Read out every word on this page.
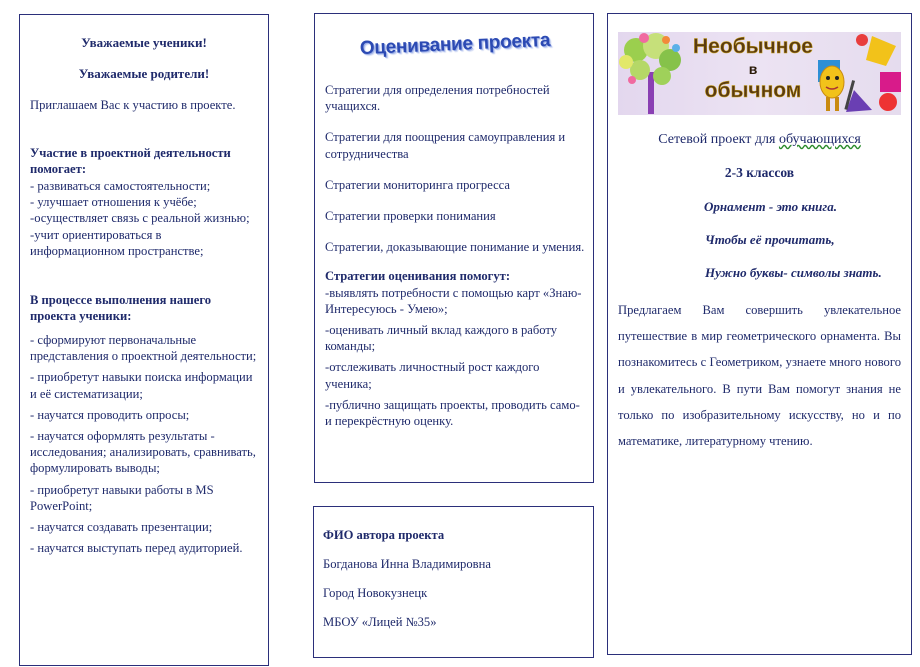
Уважаемые ученики!
Уважаемые родители!
Приглашаем Вас к участию в проекте.
Участие в проектной деятельности помогает:

- развиваться самостоятельности;

- улучшает отношения к учёбе;

-осуществляет связь с реальной жизнью;

-учит ориентироваться в информационном пространстве;

В процессе выполнения нашего проекта ученики:

- сформируют первоначальные представления о проектной деятельности;

- приобретут навыки поиска информации и её систематизации;

- научатся проводить опросы;

- научатся оформлять результаты - исследования; анализировать, сравнивать, формулировать выводы;

- приобретут навыки работы в MS PowerPoint;

- научатся создавать презентации;

- научатся выступать перед аудиторией.

Оценивание проекта

Стратегии для определения потребностей учащихся.

Стратегии для поощрения самоуправления и сотрудничества

Стратегии мониторинга прогресса

Стратегии проверки понимания

Стратегии, доказывающие понимание и умения.

Стратегии оценивания помогут:

-выявлять потребности с помощью карт «Знаю-Интересуюсь - Умею»;

-оценивать личный вклад каждого в работу команды;

-отслеживать личностный рост каждого ученика;

-публично защищать проекты, проводить само- и перекрёстную оценку.

ФИО автора проекта
Богданова Инна Владимировна
Город Новокузнецк
МБОУ «Лицей №35»
Необычное
в
обычном
Сетевой проект для обучающихся
2-3 классов
Орнамент - это книга.
Чтобы её прочитать,
Нужно буквы- символы знать.
Предлагаем Вам совершить увлекательное путешествие в мир геометрического орнамента. Вы познакомитесь с Геометриком, узнаете много нового и увлекательного. В пути Вам помогут знания не только по изобразительному искусству, но и по математике, литературному чтению.
